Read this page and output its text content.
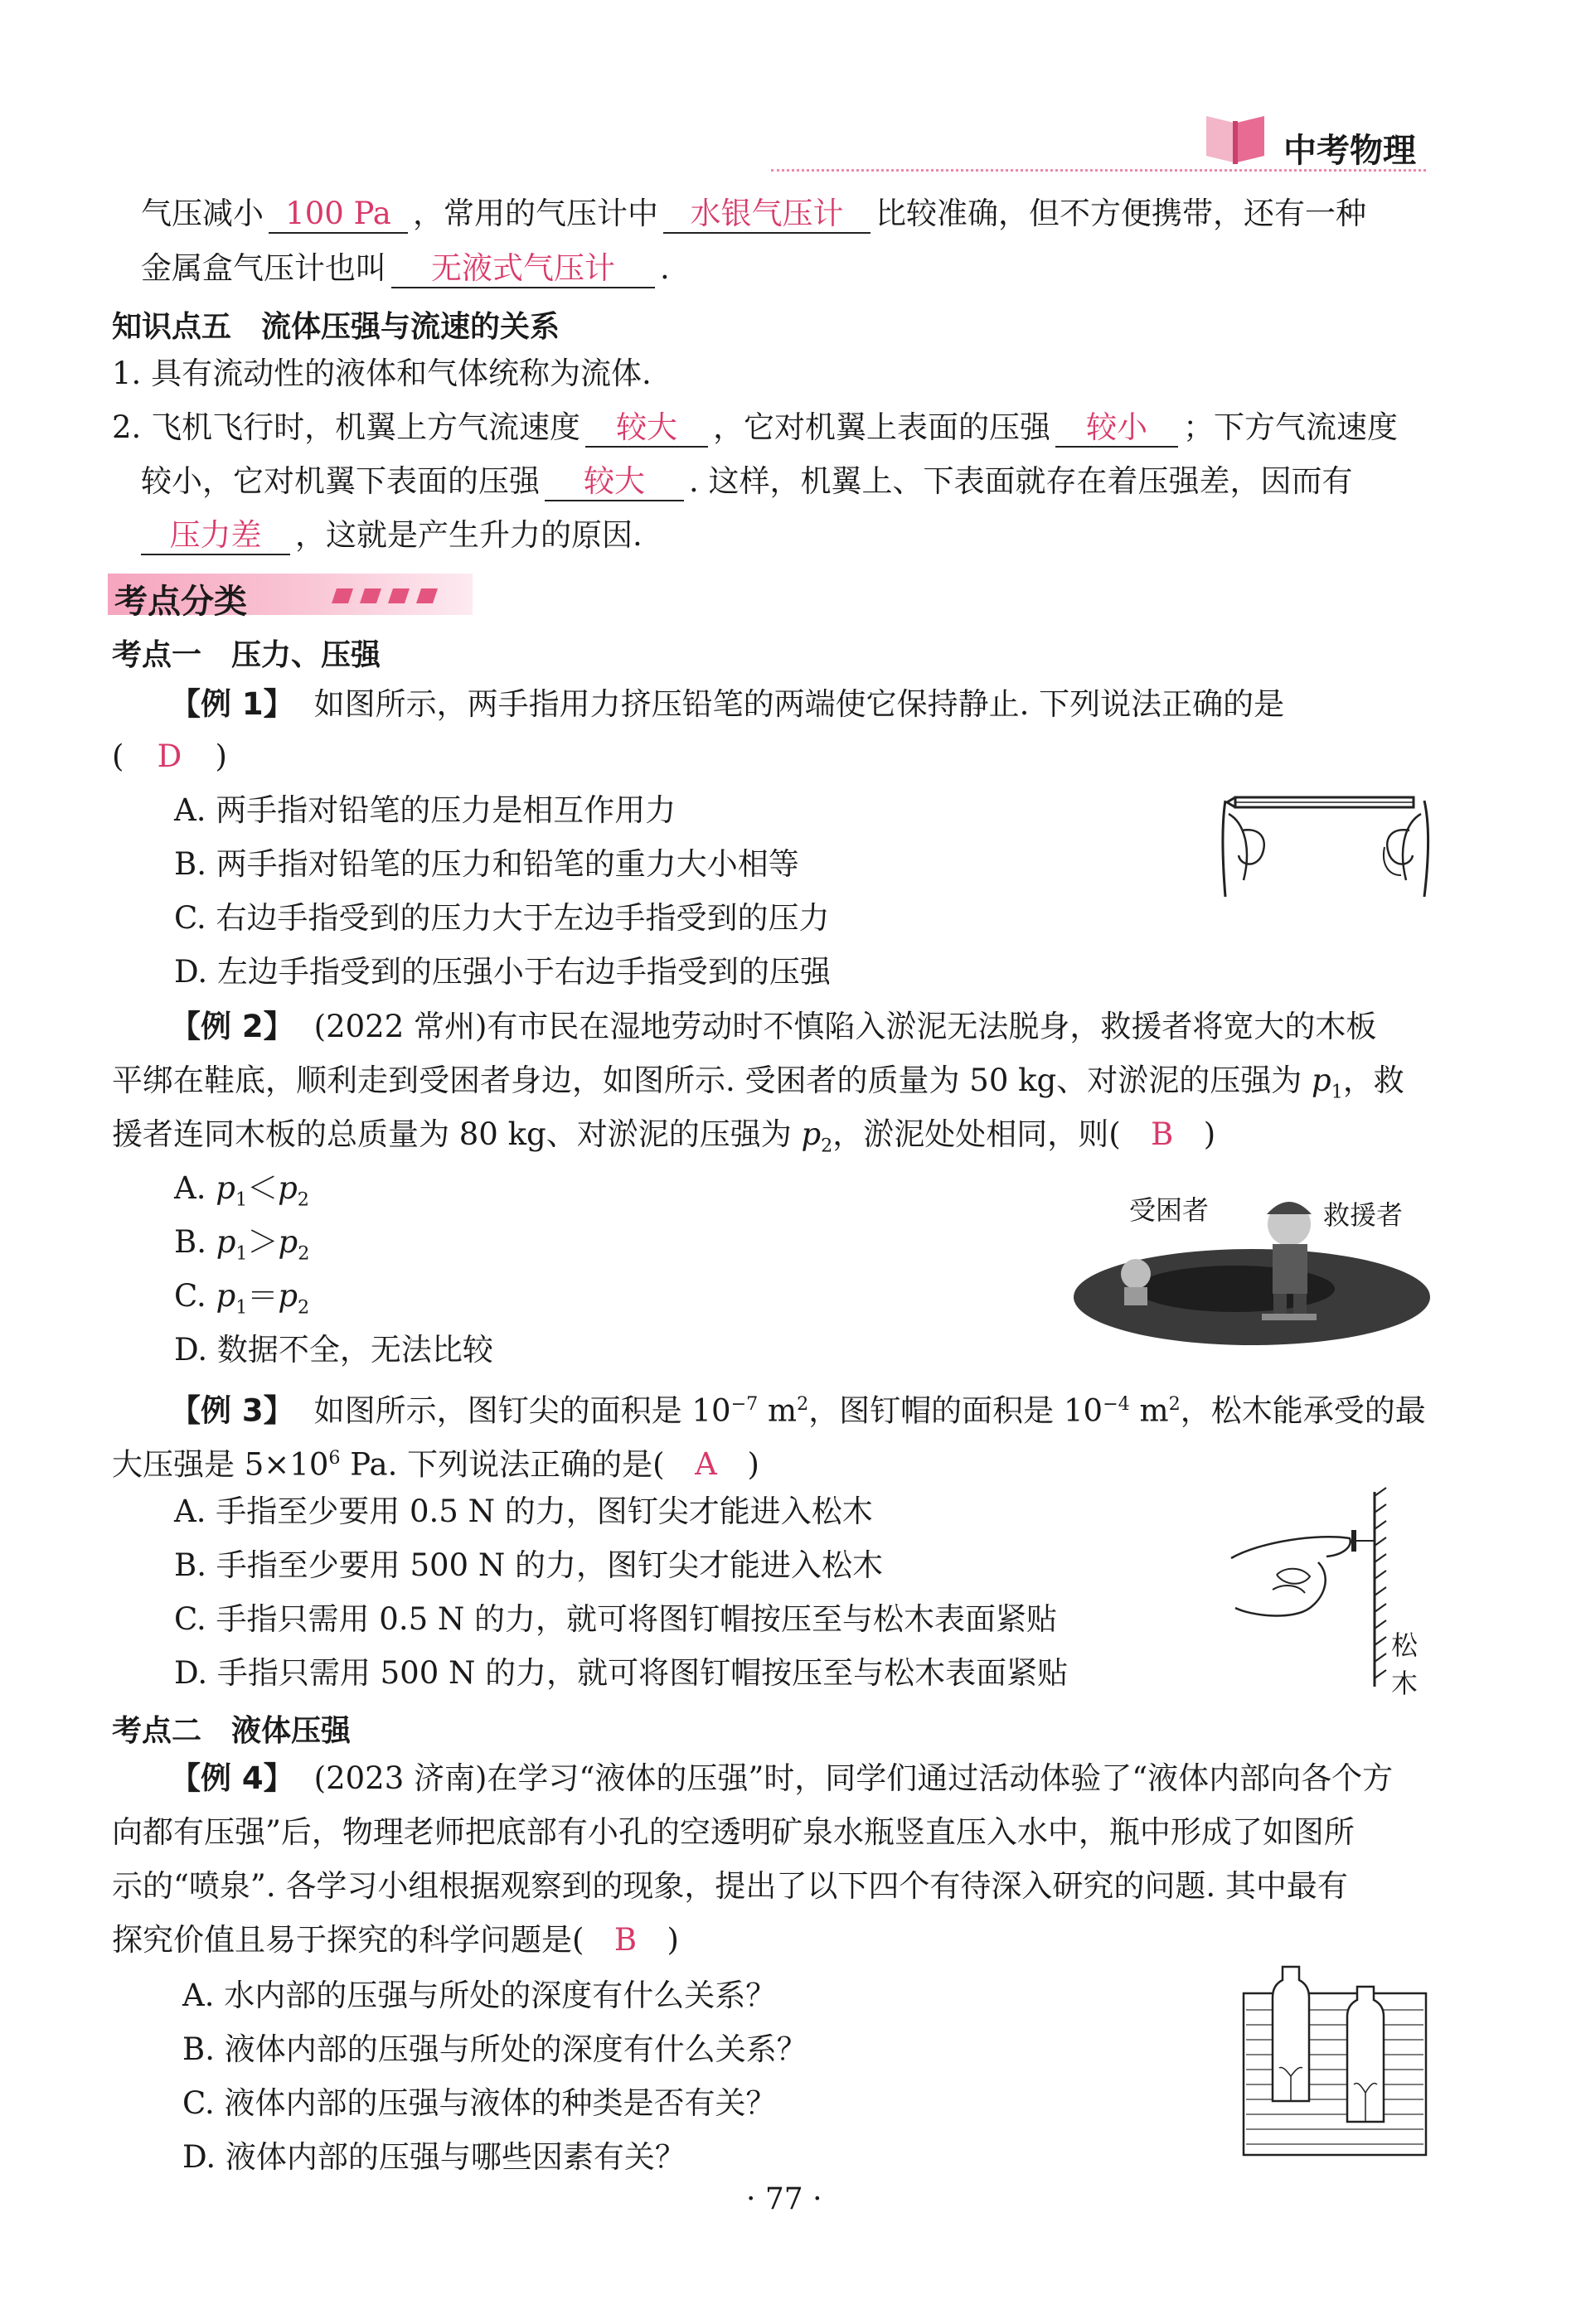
中考物理
气压减小 100 Pa ，常用的气压计中 水银气压计 比较准确，但不方便携带，还有一种
金属盒气压计也叫 无液式气压计 .
知识点五　流体压强与流速的关系
1. 具有流动性的液体和气体统称为流体.
2. 飞机飞行时，机翼上方气流速度 较大 ，它对机翼上表面的压强 较小 ；下方气流速度
较小，它对机翼下表面的压强 较大 . 这样，机翼上、下表面就存在着压强差，因而有
压力差 ，这就是产生升力的原因.
考点分类
考点一　压力、压强
【例 1】 如图所示，两手指用力挤压铅笔的两端使它保持静止. 下列说法正确的是
( D )
A. 两手指对铅笔的压力是相互作用力
B. 两手指对铅笔的压力和铅笔的重力大小相等
C. 右边手指受到的压力大于左边手指受到的压力
D. 左边手指受到的压强小于右边手指受到的压强
【例 2】 (2022 常州)有市民在湿地劳动时不慎陷入淤泥无法脱身，救援者将宽大的木板
平绑在鞋底，顺利走到受困者身边，如图所示. 受困者的质量为 50 kg、对淤泥的压强为 $p_1$，救
援者连同木板的总质量为 80 kg、对淤泥的压强为 $p_2$，淤泥处处相同，则( B )
A. $p_1<p_2$
B. $p_1>p_2$
C. $p_1=p_2$
D. 数据不全，无法比较
受困者	救援者
【例 3】 如图所示，图钉尖的面积是 $10^{-7}$ $m^2$，图钉帽的面积是 $10^{-4}$ $m^2$，松木能承受的最
大压强是 $5\times 10^6$ Pa. 下列说法正确的是( A )
A. 手指至少要用 0.5 N 的力，图钉尖才能进入松木
B. 手指至少要用 500 N 的力，图钉尖才能进入松木
C. 手指只需用 0.5 N 的力，就可将图钉帽按压至与松木表面紧贴
D. 手指只需用 500 N 的力，就可将图钉帽按压至与松木表面紧贴
松木
考点二　液体压强
【例 4】 (2023 济南)在学习“液体的压强”时，同学们通过活动体验了“液体内部向各个方
向都有压强”后，物理老师把底部有小孔的空透明矿泉水瓶竖直压入水中，瓶中形成了如图所
示的“喷泉”. 各学习小组根据观察到的现象，提出了以下四个有待深入研究的问题. 其中最有
探究价值且易于探究的科学问题是( B )
A. 水内部的压强与所处的深度有什么关系？
B. 液体内部的压强与所处的深度有什么关系？
C. 液体内部的压强与液体的种类是否有关？
D. 液体内部的压强与哪些因素有关？
· 77 ·
